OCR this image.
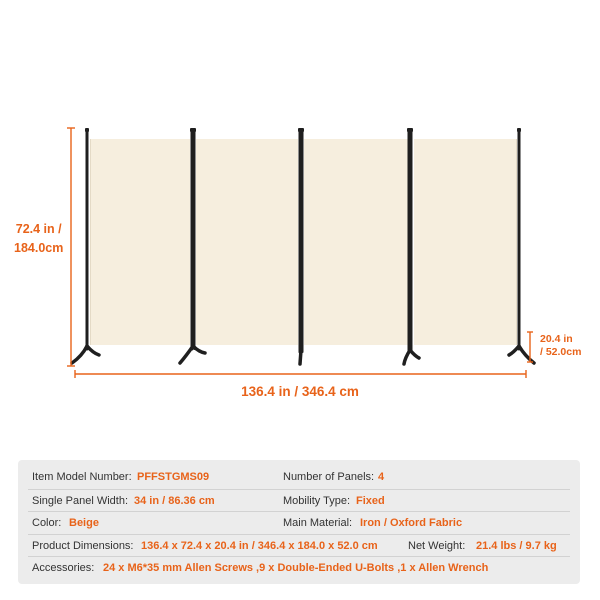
72.4 in /
184.0cm
20.4 in
/ 52.0cm
136.4 in / 346.4 cm
Item Model Number: PFFSTGMS09	Number of Panels: 4
Single Panel Width: 34 in / 86.36 cm	Mobility Type: Fixed
Color: Beige	Main Material: Iron / Oxford Fabric
Product Dimensions: 136.4 x 72.4 x 20.4 in / 346.4 x 184.0 x 52.0 cm	Net Weight: 21.4 lbs / 9.7 kg
Accessories: 24 x M6*35 mm Allen Screws ,9 x Double-Ended U-Bolts ,1 x Allen Wrench
